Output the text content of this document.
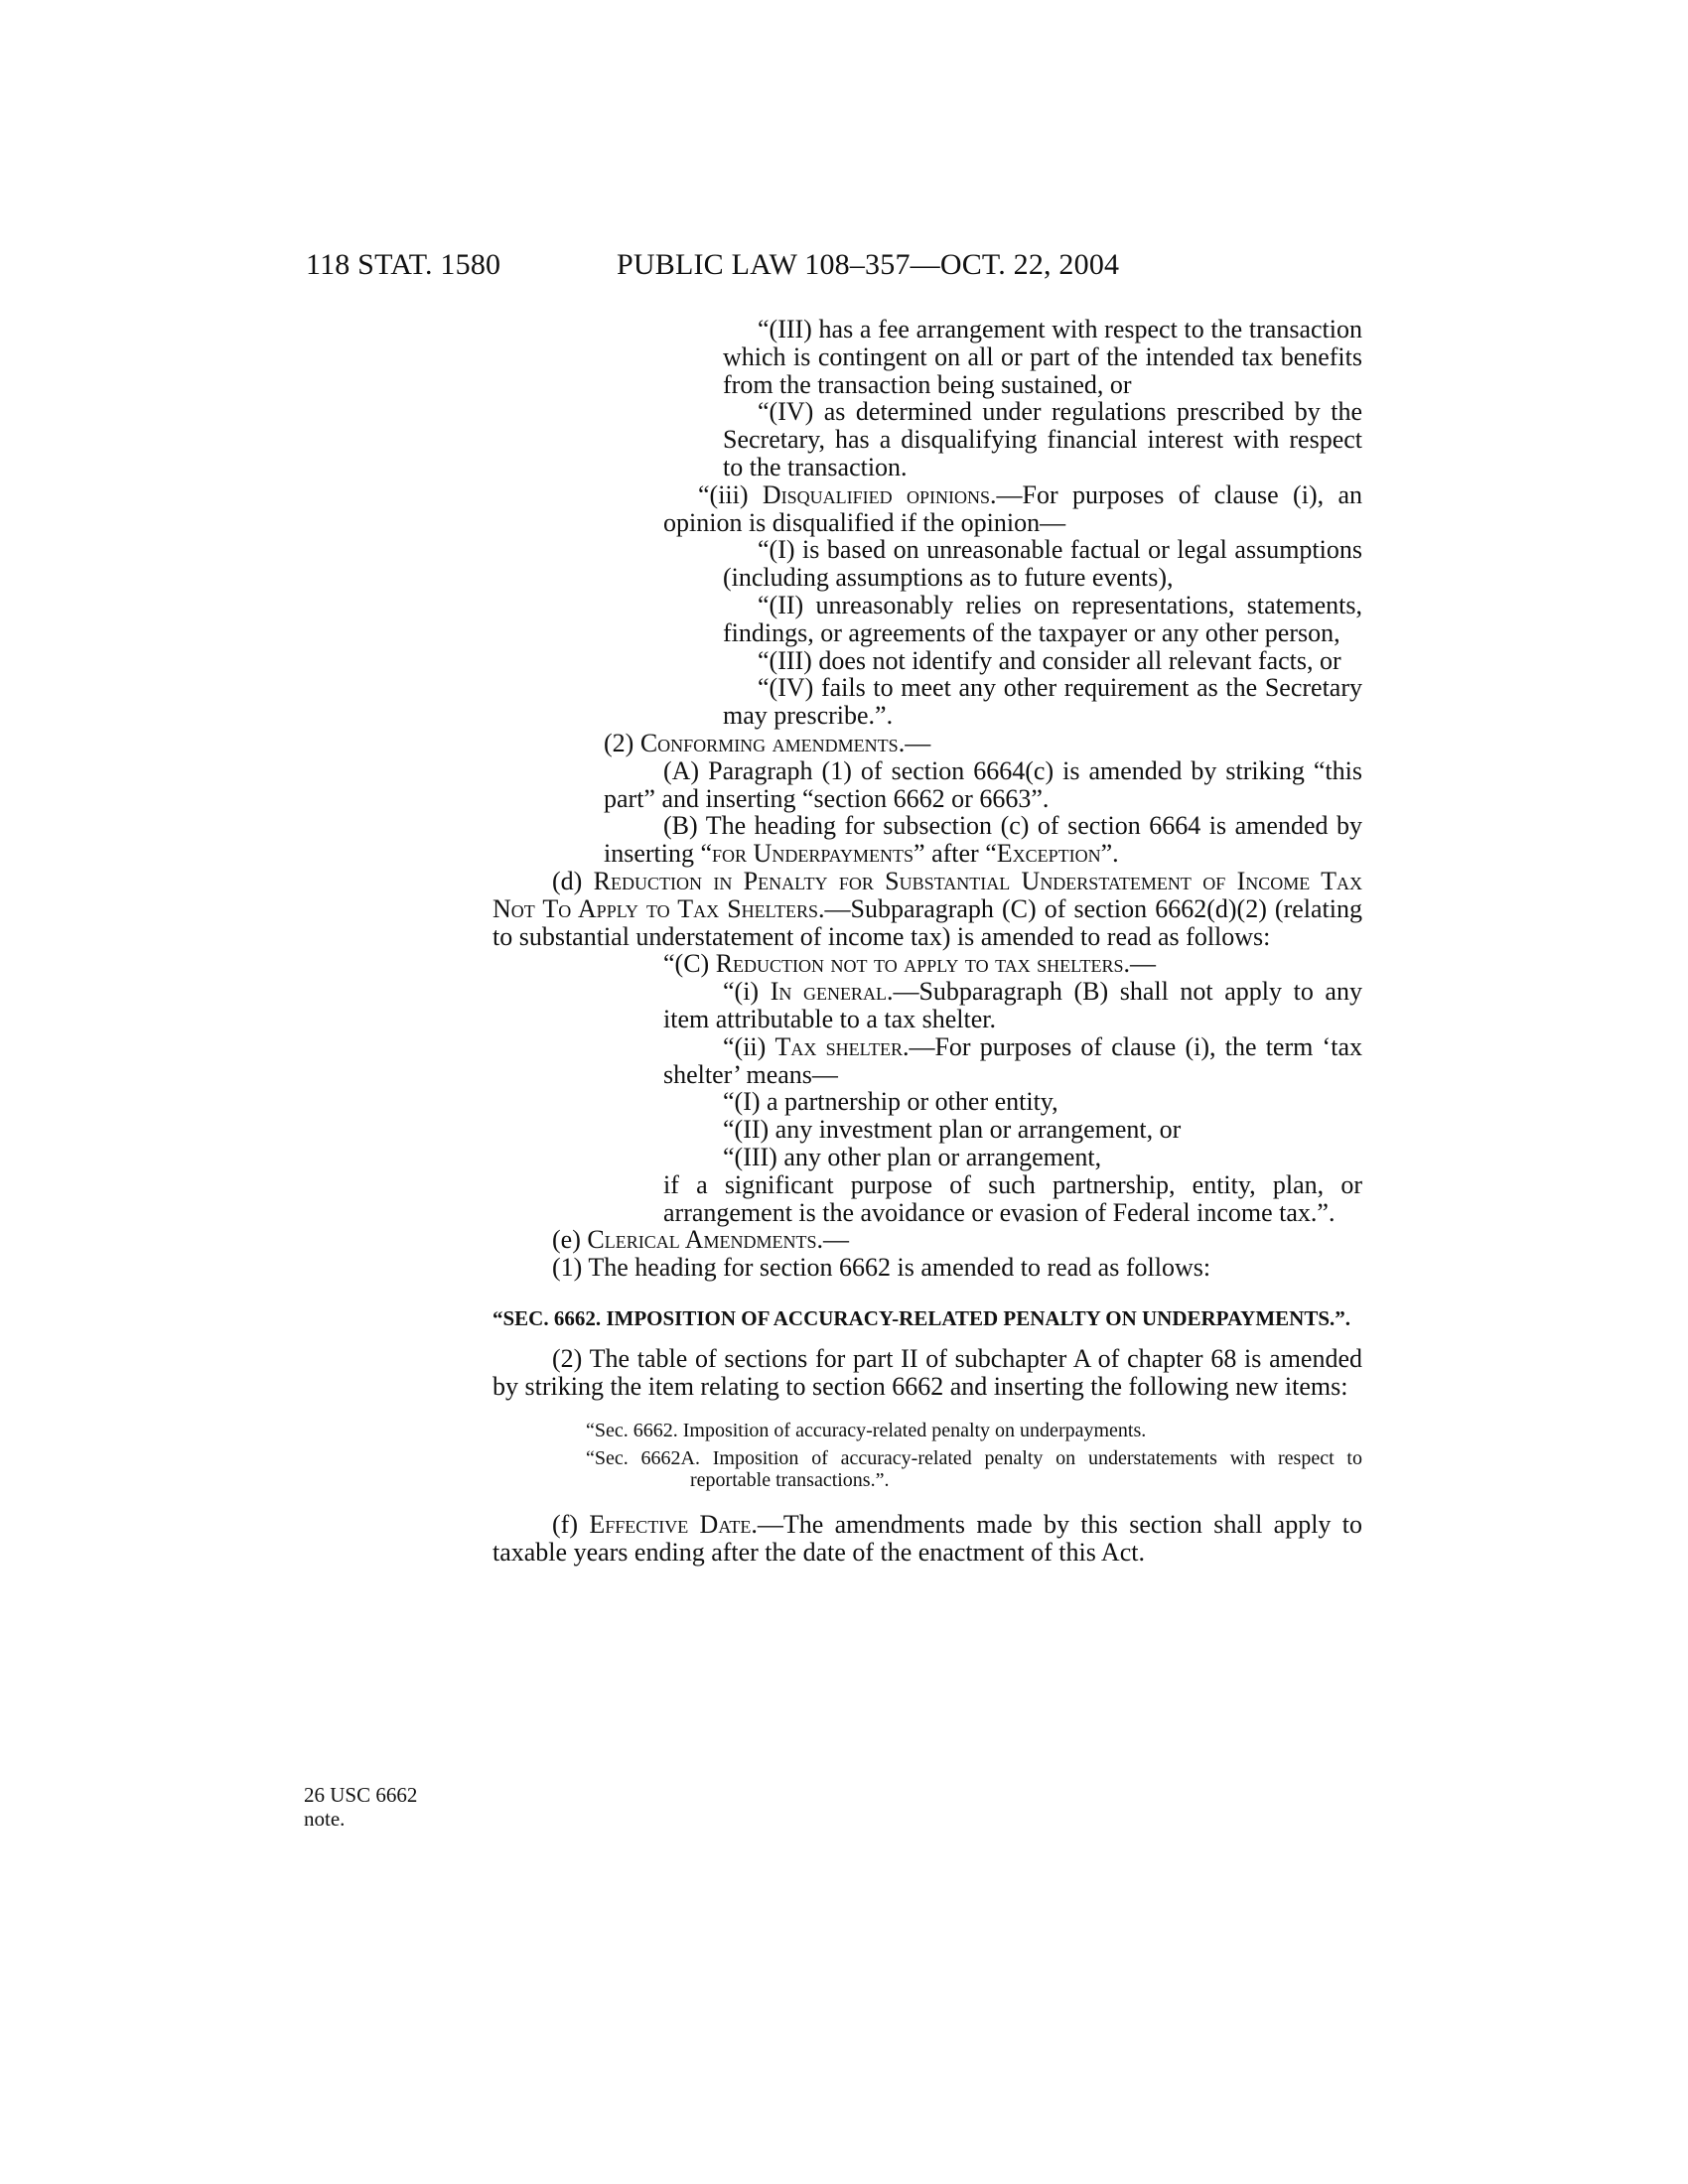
118 STAT. 1580	PUBLIC LAW 108–357—OCT. 22, 2004

“(III) has a fee arrangement with respect to the transaction which is contingent on all or part of the intended tax benefits from the transaction being sustained, or

“(IV) as determined under regulations prescribed by the Secretary, has a disqualifying financial interest with respect to the transaction.

“(iii) Disqualified opinions.—For purposes of clause (i), an opinion is disqualified if the opinion—

“(I) is based on unreasonable factual or legal assumptions (including assumptions as to future events),

“(II) unreasonably relies on representations, statements, findings, or agreements of the taxpayer or any other person,

“(III) does not identify and consider all relevant facts, or

“(IV) fails to meet any other requirement as the Secretary may prescribe.”.

(2) Conforming amendments.—

(A) Paragraph (1) of section 6664(c) is amended by striking “this part” and inserting “section 6662 or 6663”.

(B) The heading for subsection (c) of section 6664 is amended by inserting “for Underpayments” after “Exception”.

(d) Reduction in Penalty for Substantial Understatement of Income Tax Not To Apply to Tax Shelters.—Subparagraph (C) of section 6662(d)(2) (relating to substantial understatement of income tax) is amended to read as follows:

“(C) Reduction not to apply to tax shelters.—

“(i) In general.—Subparagraph (B) shall not apply to any item attributable to a tax shelter.

“(ii) Tax shelter.—For purposes of clause (i), the term ‘tax shelter’ means—

“(I) a partnership or other entity,

“(II) any investment plan or arrangement, or

“(III) any other plan or arrangement,

if a significant purpose of such partnership, entity, plan, or arrangement is the avoidance or evasion of Federal income tax.”.

(e) Clerical Amendments.—

(1) The heading for section 6662 is amended to read as follows:

“SEC. 6662. IMPOSITION OF ACCURACY-RELATED PENALTY ON UNDERPAYMENTS.”.

(2) The table of sections for part II of subchapter A of chapter 68 is amended by striking the item relating to section 6662 and inserting the following new items:

“Sec. 6662. Imposition of accuracy-related penalty on underpayments.
“Sec. 6662A. Imposition of accuracy-related penalty on understatements with respect to reportable transactions.”.

(f) Effective Date.—The amendments made by this section shall apply to taxable years ending after the date of the enactment of this Act.

26 USC 6662 note.
